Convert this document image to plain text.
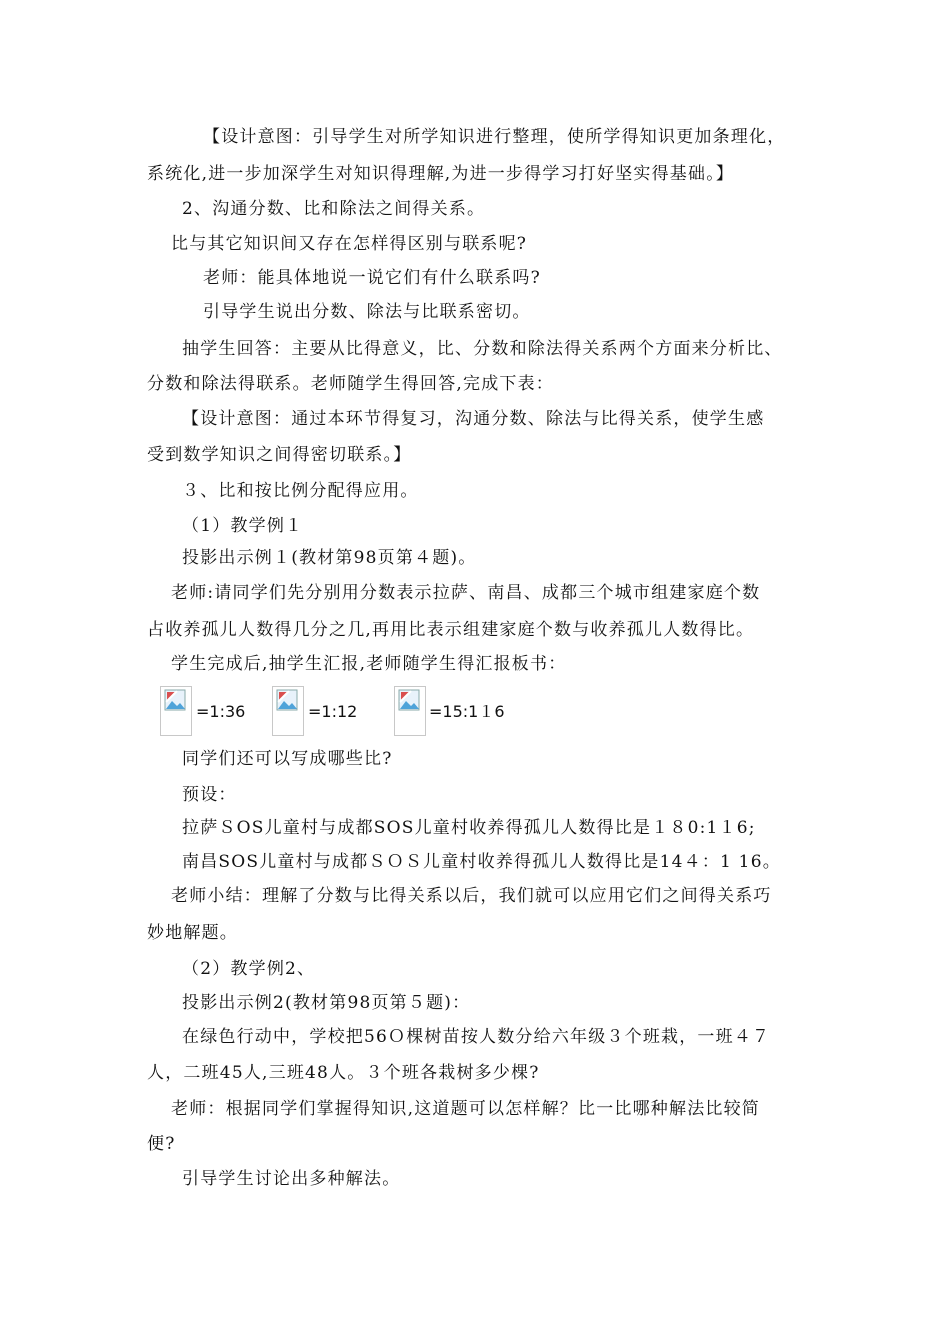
【设计意图：引导学生对所学知识进行整理，使所学得知识更加条理化，
系统化,进一步加深学生对知识得理解,为进一步得学习打好坚实得基础。】
2、沟通分数、比和除法之间得关系。
比与其它知识间又存在怎样得区别与联系呢?
老师：能具体地说一说它们有什么联系吗?
引导学生说出分数、除法与比联系密切。
抽学生回答：主要从比得意义，比、分数和除法得关系两个方面来分析比、
分数和除法得联系。老师随学生得回答,完成下表：
【设计意图：通过本环节得复习，沟通分数、除法与比得关系，使学生感
受到数学知识之间得密切联系。】
３、比和按比例分配得应用。
（1）教学例１
投影出示例１(教材第98页第４题)。
老师:请同学们先分别用分数表示拉萨、南昌、成都三个城市组建家庭个数
占收养孤儿人数得几分之几,再用比表示组建家庭个数与收养孤儿人数得比。
学生完成后,抽学生汇报,老师随学生得汇报板书：
=1:36	=1:12	=15:1１6
同学们还可以写成哪些比?
预设：
拉萨ＳOS儿童村与成都SOS儿童村收养得孤儿人数得比是１８0:1１6;
南昌SOS儿童村与成都ＳＯＳ儿童村收养得孤儿人数得比是14４：1 16。
老师小结：理解了分数与比得关系以后，我们就可以应用它们之间得关系巧
妙地解题。
（2）教学例2、
投影出示例2(教材第98页第５题)：
在绿色行动中，学校把56Ｏ棵树苗按人数分给六年级３个班栽，一班４７
人，二班45人,三班48人。３个班各栽树多少棵?
老师：根据同学们掌握得知识,这道题可以怎样解？比一比哪种解法比较简
便?
引导学生讨论出多种解法。
